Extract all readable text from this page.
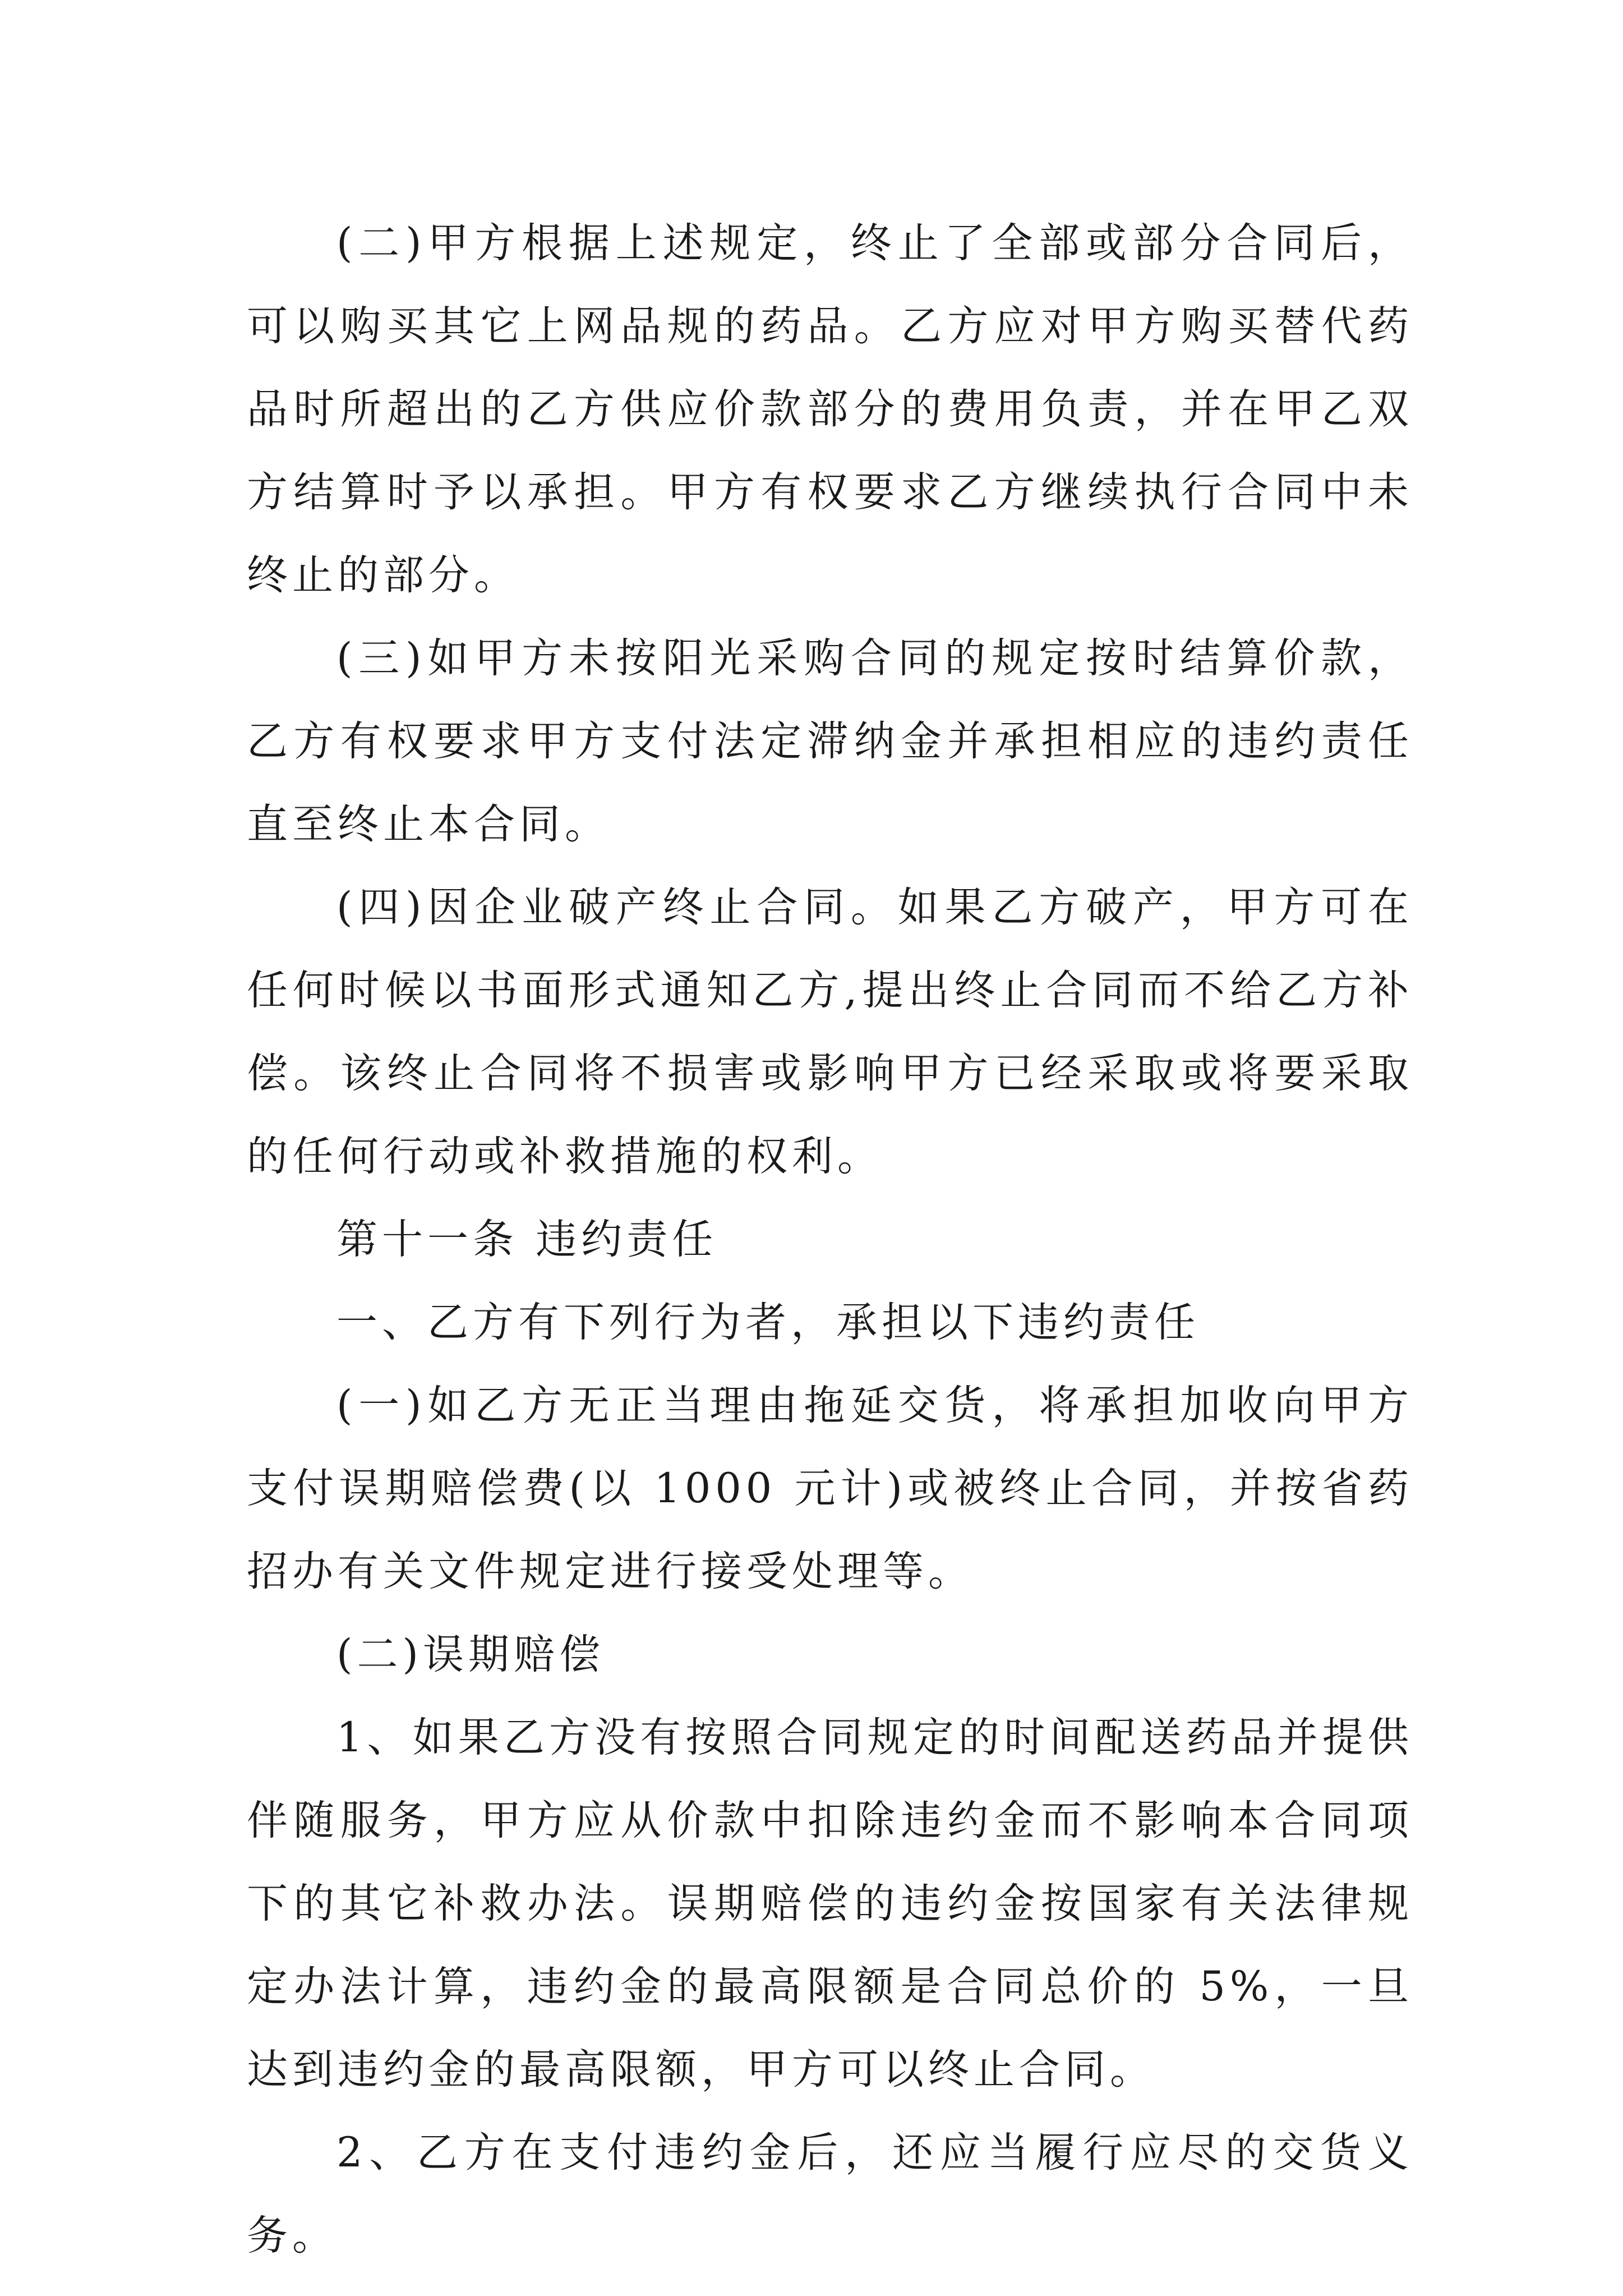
(二)甲方根据上述规定，终止了全部或部分合同后，可以购买其它上网品规的药品。乙方应对甲方购买替代药品时所超出的乙方供应价款部分的费用负责，并在甲乙双方结算时予以承担。甲方有权要求乙方继续执行合同中未终止的部分。

(三)如甲方未按阳光采购合同的规定按时结算价款，乙方有权要求甲方支付法定滞纳金并承担相应的违约责任直至终止本合同。

(四)因企业破产终止合同。如果乙方破产，甲方可在任何时候以书面形式通知乙方,提出终止合同而不给乙方补偿。该终止合同将不损害或影响甲方已经采取或将要采取的任何行动或补救措施的权利。

第十一条 违约责任

一、乙方有下列行为者，承担以下违约责任

(一)如乙方无正当理由拖延交货，将承担加收向甲方支付误期赔偿费(以 1000 元计)或被终止合同，并按省药招办有关文件规定进行接受处理等。

(二)误期赔偿

1、如果乙方没有按照合同规定的时间配送药品并提供伴随服务，甲方应从价款中扣除违约金而不影响本合同项下的其它补救办法。误期赔偿的违约金按国家有关法律规定办法计算，违约金的最高限额是合同总价的 5%，一旦达到违约金的最高限额，甲方可以终止合同。

2、乙方在支付违约金后，还应当履行应尽的交货义务。
